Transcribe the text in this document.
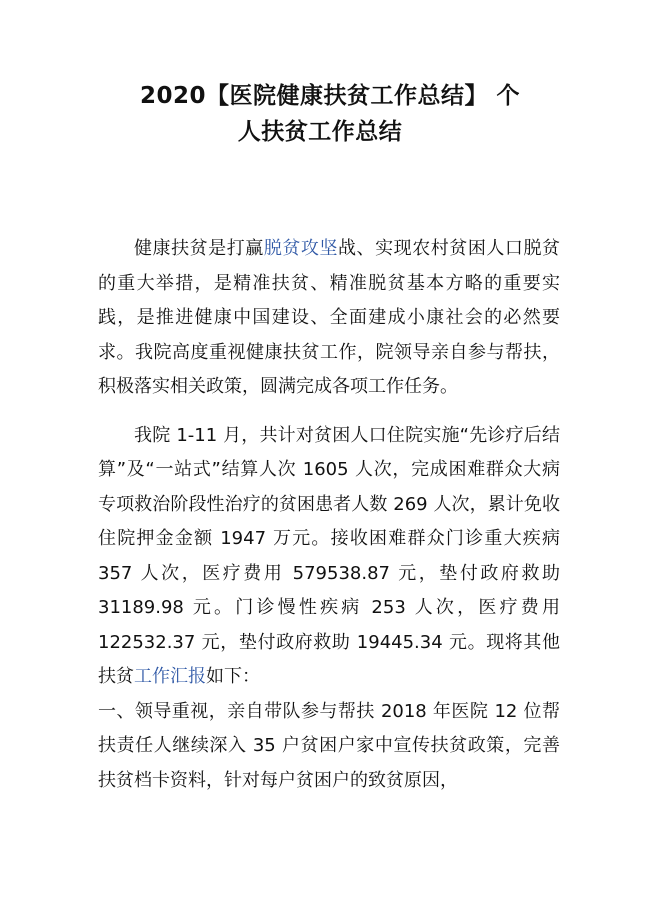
2020【医院健康扶贫工作总结】 个
人扶贫工作总结

健康扶贫是打赢脱贫攻坚战、实现农村贫困人口脱贫的重大举措，是精准扶贫、精准脱贫基本方略的重要实践，是推进健康中国建设、全面建成小康社会的必然要求。我院高度重视健康扶贫工作，院领导亲自参与帮扶，积极落实相关政策，圆满完成各项工作任务。

我院 1-11 月，共计对贫困人口住院实施“先诊疗后结算”及“一站式”结算人次 1605 人次，完成困难群众大病专项救治阶段性治疗的贫困患者人数 269 人次，累计免收住院押金金额 1947 万元。接收困难群众门诊重大疾病 357 人次，医疗费用 579538.87 元，垫付政府救助 31189.98 元。门诊慢性疾病 253 人次，医疗费用 122532.37 元，垫付政府救助 19445.34 元。现将其他扶贫工作汇报如下：

一、领导重视，亲自带队参与帮扶 2018 年医院 12 位帮扶责任人继续深入 35 户贫困户家中宣传扶贫政策，完善扶贫档卡资料，针对每户贫困户的致贫原因，
